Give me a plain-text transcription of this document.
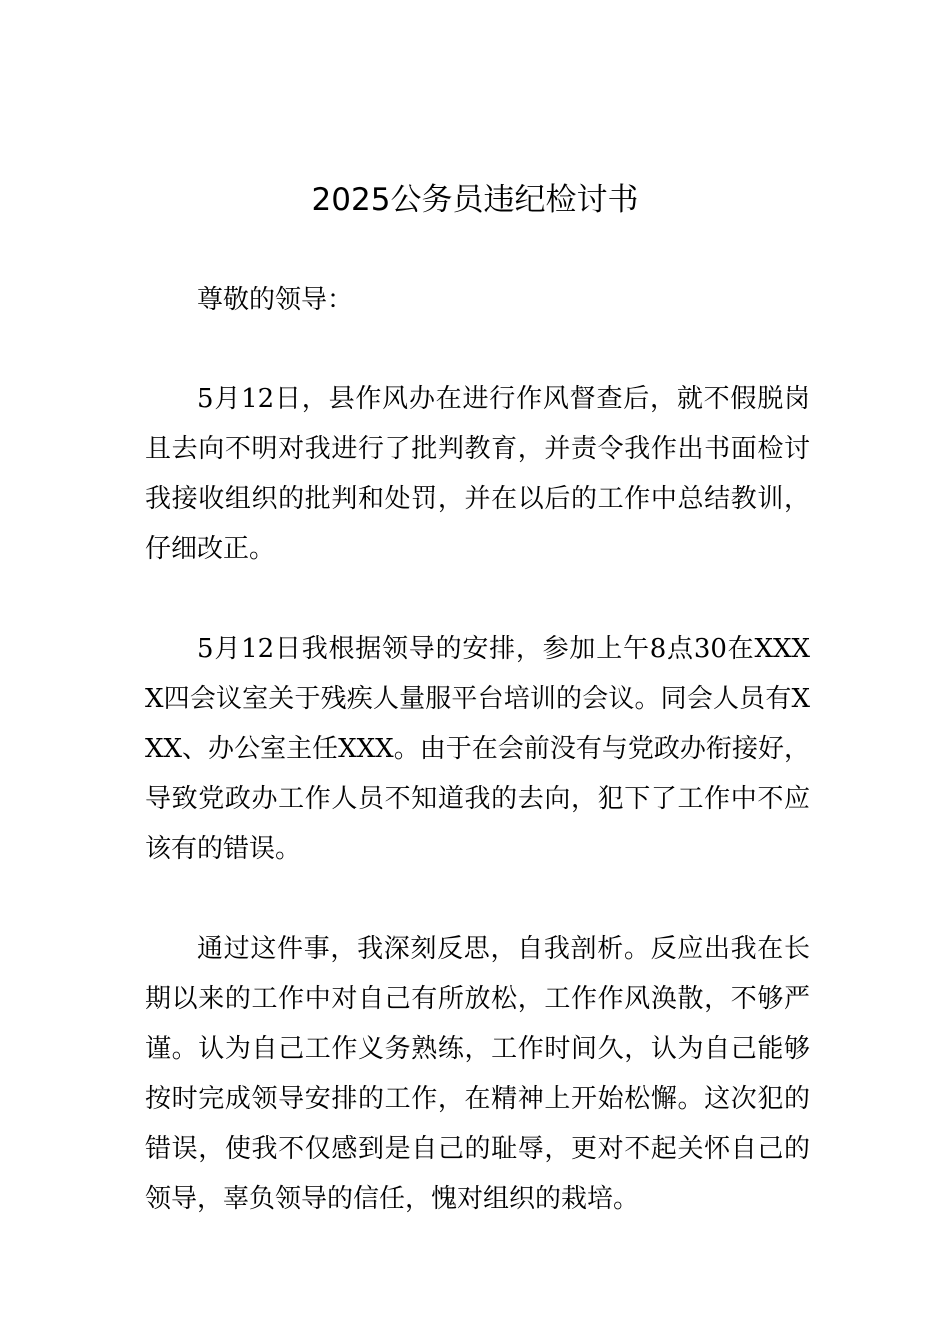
2025公务员违纪检讨书

尊敬的领导：

5月12日，县作风办在进行作风督查后，就不假脱岗且去向不明对我进行了批判教育，并责令我作出书面检讨我接收组织的批判和处罚，并在以后的工作中总结教训，仔细改正。

5月12日我根据领导的安排，参加上午8点30在XXXX四会议室关于残疾人量服平台培训的会议。同会人员有XXX、办公室主任XXX。由于在会前没有与党政办衔接好，导致党政办工作人员不知道我的去向，犯下了工作中不应该有的错误。

通过这件事，我深刻反思，自我剖析。反应出我在长期以来的工作中对自己有所放松，工作作风涣散，不够严谨。认为自己工作义务熟练，工作时间久，认为自己能够按时完成领导安排的工作，在精神上开始松懈。这次犯的错误，使我不仅感到是自己的耻辱，更对不起关怀自己的领导，辜负领导的信任，愧对组织的栽培。
